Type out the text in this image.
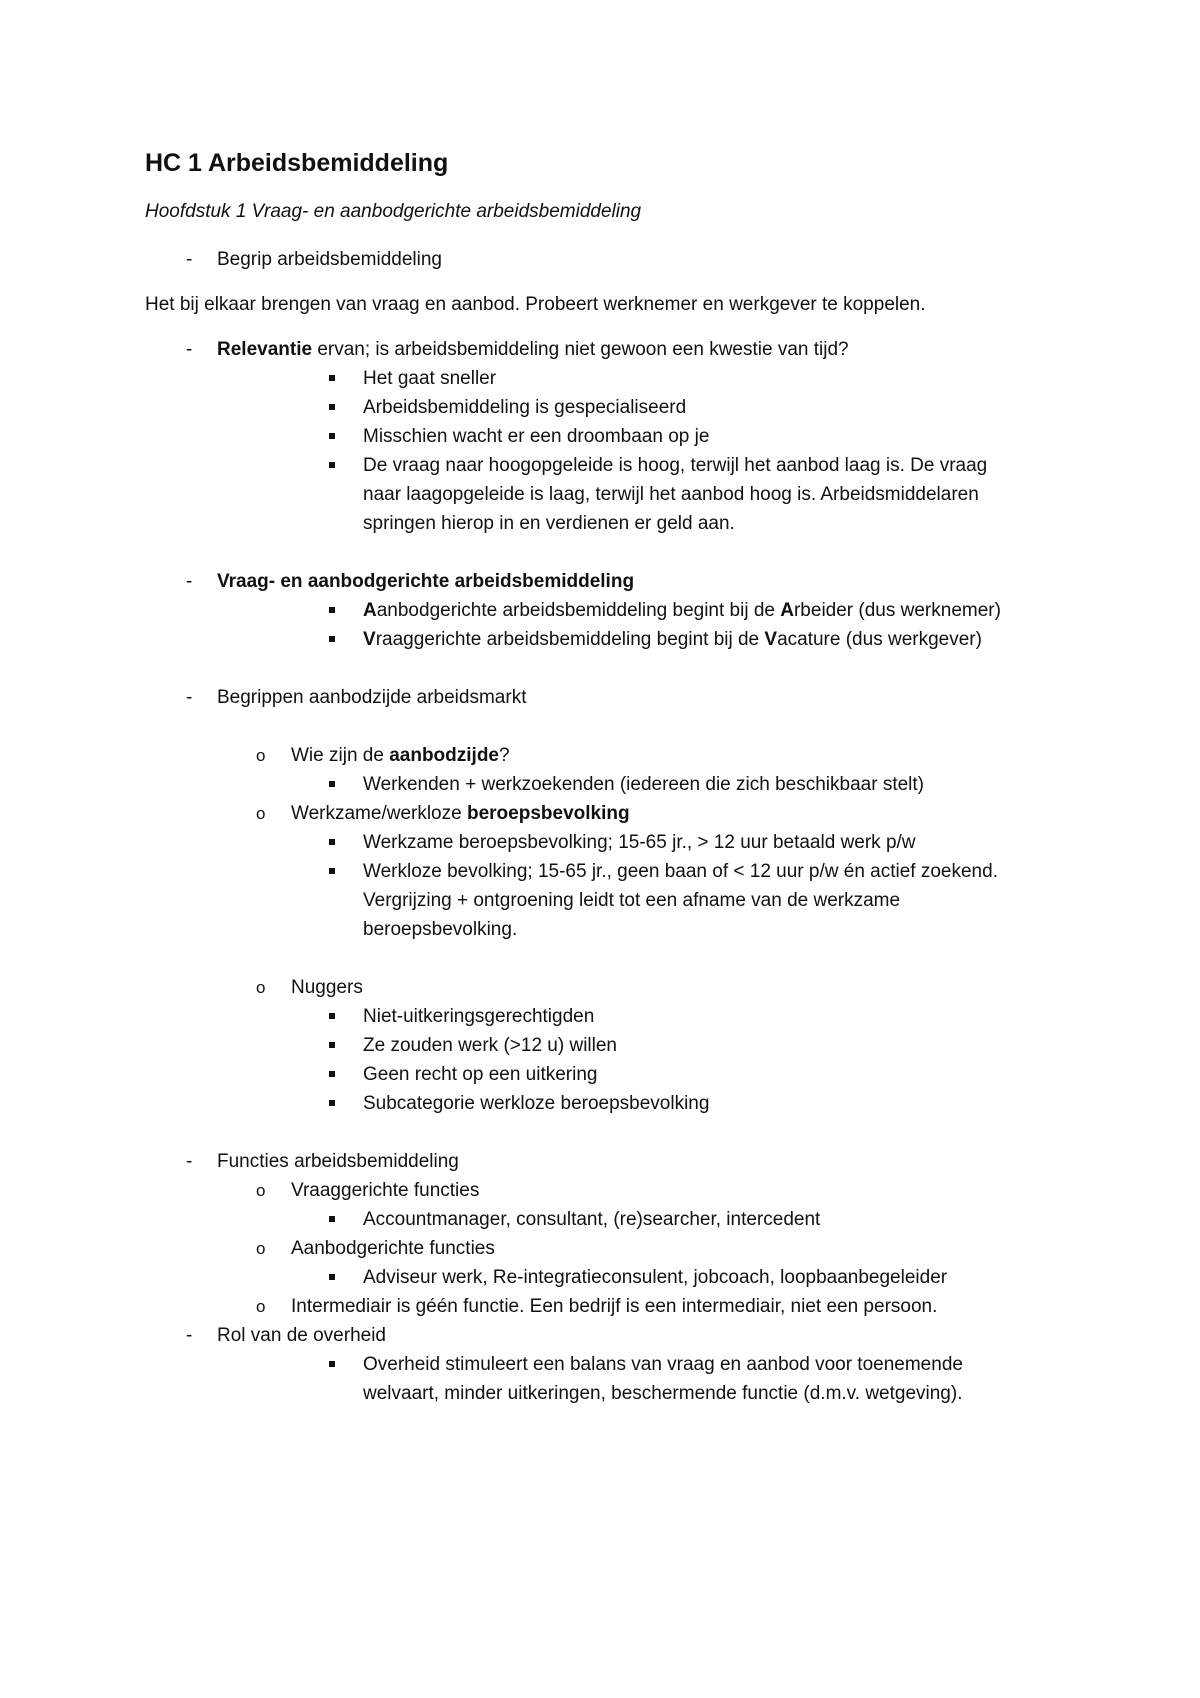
HC 1 Arbeidsbemiddeling
Hoofdstuk 1 Vraag- en aanbodgerichte arbeidsbemiddeling
- Begrip arbeidsbemiddeling
Het bij elkaar brengen van vraag en aanbod. Probeert werknemer en werkgever te koppelen.
- Relevantie ervan; is arbeidsbemiddeling niet gewoon een kwestie van tijd?
Het gaat sneller
Arbeidsbemiddeling is gespecialiseerd
Misschien wacht er een droombaan op je
De vraag naar hoogopgeleide is hoog, terwijl het aanbod laag is. De vraag
naar laagopgeleide is laag, terwijl het aanbod hoog is. Arbeidsmiddelaren
springen hierop in en verdienen er geld aan.
- Vraag- en aanbodgerichte arbeidsbemiddeling
Aanbodgerichte arbeidsbemiddeling begint bij de Arbeider (dus werknemer)
Vraaggerichte arbeidsbemiddeling begint bij de Vacature (dus werkgever)
- Begrippen aanbodzijde arbeidsmarkt
o Wie zijn de aanbodzijde?
Werkenden + werkzoekenden (iedereen die zich beschikbaar stelt)
o Werkzame/werkloze beroepsbevolking
Werkzame beroepsbevolking; 15-65 jr., > 12 uur betaald werk p/w
Werkloze bevolking; 15-65 jr., geen baan of < 12 uur p/w én actief zoekend.
Vergrijzing + ontgroening leidt tot een afname van de werkzame
beroepsbevolking.
o Nuggers
Niet-uitkeringsgerechtigden
Ze zouden werk (>12 u) willen
Geen recht op een uitkering
Subcategorie werkloze beroepsbevolking
- Functies arbeidsbemiddeling
o Vraaggerichte functies
Accountmanager, consultant, (re)searcher, intercedent
o Aanbodgerichte functies
Adviseur werk, Re-integratieconsulent, jobcoach, loopbaanbegeleider
o Intermediair is géén functie. Een bedrijf is een intermediair, niet een persoon.
- Rol van de overheid
Overheid stimuleert een balans van vraag en aanbod voor toenemende
welvaart, minder uitkeringen, beschermende functie (d.m.v. wetgeving).
